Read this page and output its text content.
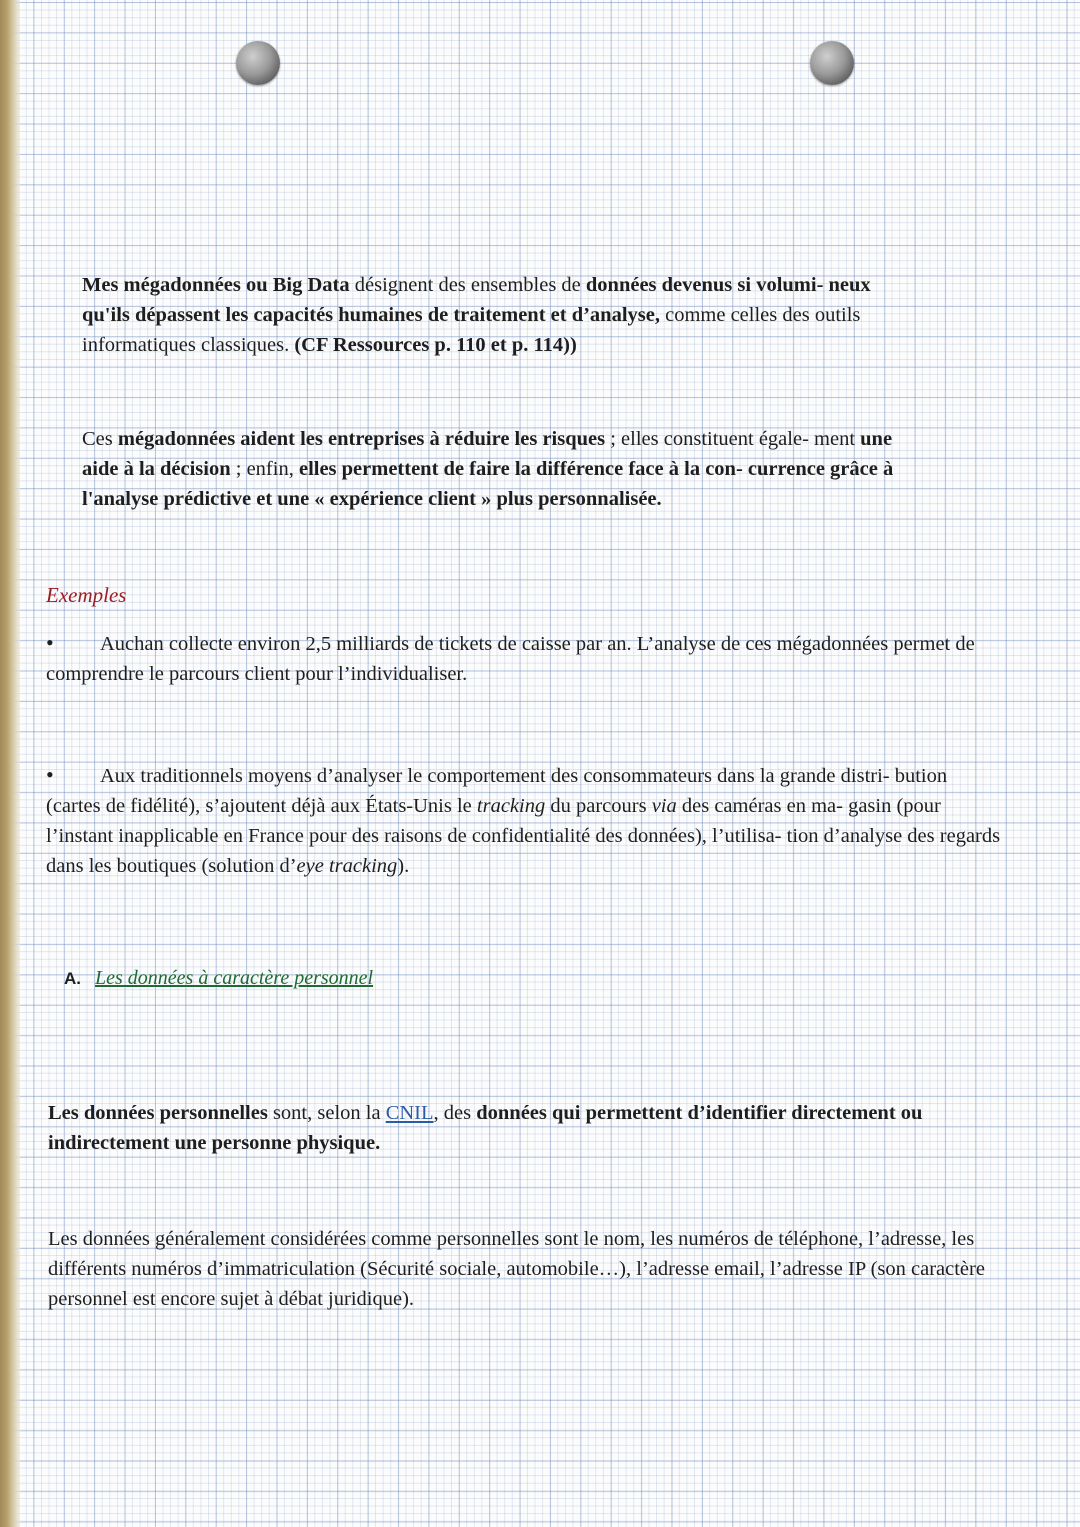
Mes mégadonnées ou Big Data désignent des ensembles de données devenus si volumi- neux qu'ils dépassent les capacités humaines de traitement et d’analyse, comme celles des outils informatiques classiques. (CF Ressources p. 110 et p. 114))
Ces mégadonnées aident les entreprises à réduire les risques ; elles constituent égale- ment une aide à la décision ; enfin, elles permettent de faire la différence face à la con- currence grâce à l'analyse prédictive et une « expérience client » plus personnalisée.
Exemples
•Auchan collecte environ 2,5 milliards de tickets de caisse par an. L’analyse de ces mégadonnées permet de comprendre le parcours client pour l’individualiser.
•Aux traditionnels moyens d’analyser le comportement des consommateurs dans la grande distri- bution (cartes de fidélité), s’ajoutent déjà aux États-Unis le tracking du parcours via des caméras en ma- gasin (pour l’instant inapplicable en France pour des raisons de confidentialité des données), l’utilisa- tion d’analyse des regards dans les boutiques (solution d’eye tracking).
A. Les données à caractère personnel
Les données personnelles sont, selon la CNIL, des données qui permettent d’identifier directement ou indirectement une personne physique.
Les données généralement considérées comme personnelles sont le nom, les numéros de téléphone, l’adresse, les différents numéros d’immatriculation (Sécurité sociale, automobile…), l’adresse email, l’adresse IP (son caractère personnel est encore sujet à débat juridique).
